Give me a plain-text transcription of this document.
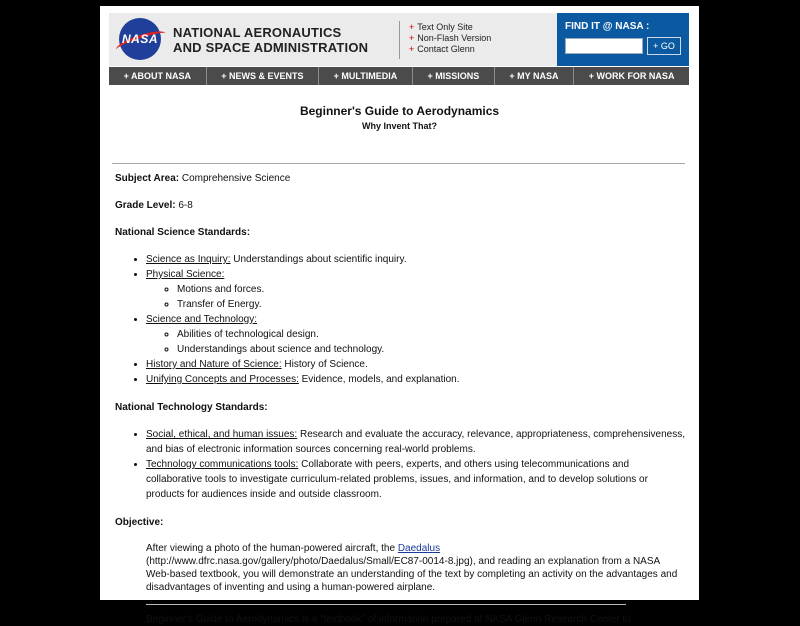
NASA NATIONAL AERONAUTICS
AND SPACE ADMINISTRATION
+ Text Only Site
+ Non-Flash Version
+ Contact Glenn
FIND IT @ NASA :
+ GO
+ ABOUT NASA	+ NEWS & EVENTS	+ MULTIMEDIA	+ MISSIONS	+ MY NASA	+ WORK FOR NASA
Beginner's Guide to Aerodynamics
Why Invent That?
Subject Area: Comprehensive Science
Grade Level: 6-8
National Science Standards:
• Science as Inquiry: Understandings about scientific inquiry.
• Physical Science:
◦ Motions and forces.
◦ Transfer of Energy.
• Science and Technology:
◦ Abilities of technological design.
◦ Understandings about science and technology.
• History and Nature of Science: History of Science.
• Unifying Concepts and Processes: Evidence, models, and explanation.
National Technology Standards:
• Social, ethical, and human issues: Research and evaluate the accuracy, relevance, appropriateness, comprehensiveness, and bias of electronic information sources concerning real-world problems.
• Technology communications tools: Collaborate with peers, experts, and others using telecommunications and collaborative tools to investigate curriculum-related problems, issues, and information, and to develop solutions or products for audiences inside and outside classroom.
Objective:
After viewing a photo of the human-powered aircraft, the Daedalus (http://www.dfrc.nasa.gov/gallery/photo/Daedalus/Small/EC87-0014-8.jpg), and reading an explanation from a NASA Web-based textbook, you will demonstrate an understanding of the text by completing an activity on the advantages and disadvantages of inventing and using a human-powered airplane.
Beginner's Guide to Aerodynamics is a "textbook" of information prepared at NASA Glenn Research Center to
